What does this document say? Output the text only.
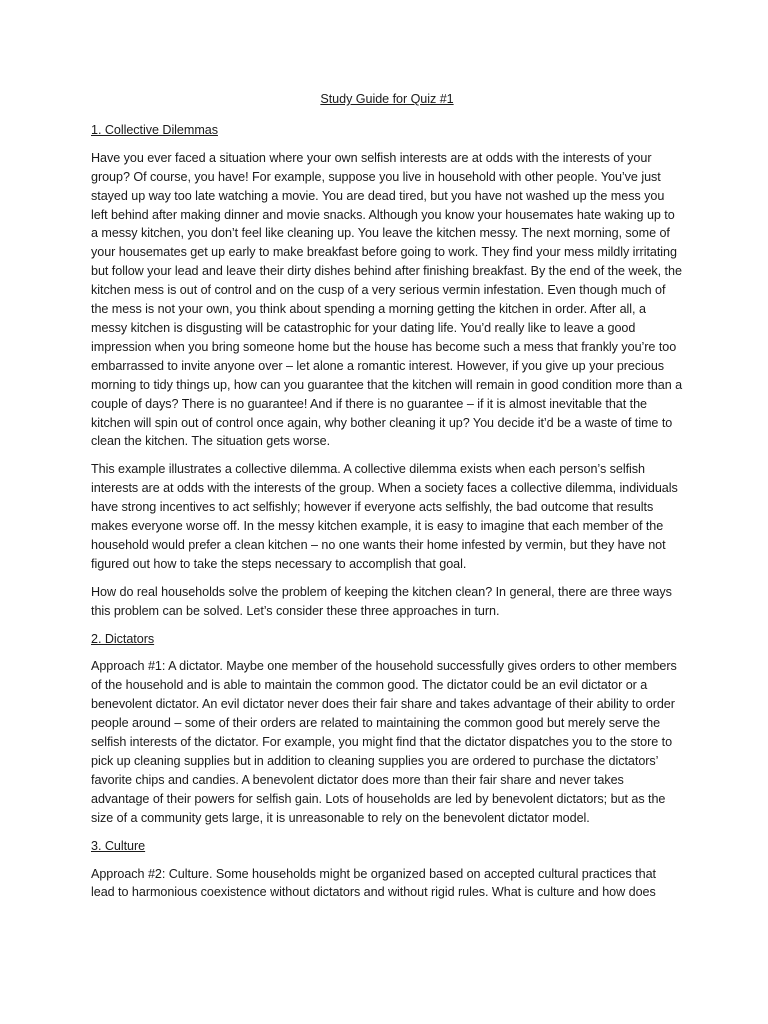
Study Guide for Quiz #1
1. Collective Dilemmas

Have you ever faced a situation where your own selfish interests are at odds with the interests of your group? Of course, you have! For example, suppose you live in household with other people. You’ve just stayed up way too late watching a movie. You are dead tired, but you have not washed up the mess you left behind after making dinner and movie snacks. Although you know your housemates hate waking up to a messy kitchen, you don’t feel like cleaning up. You leave the kitchen messy. The next morning, some of your housemates get up early to make breakfast before going to work. They find your mess mildly irritating but follow your lead and leave their dirty dishes behind after finishing breakfast. By the end of the week, the kitchen mess is out of control and on the cusp of a very serious vermin infestation. Even though much of the mess is not your own, you think about spending a morning getting the kitchen in order. After all, a messy kitchen is disgusting will be catastrophic for your dating life. You’d really like to leave a good impression when you bring someone home but the house has become such a mess that frankly you’re too embarrassed to invite anyone over – let alone a romantic interest. However, if you give up your precious morning to tidy things up, how can you guarantee that the kitchen will remain in good condition more than a couple of days? There is no guarantee! And if there is no guarantee – if it is almost inevitable that the kitchen will spin out of control once again, why bother cleaning it up? You decide it’d be a waste of time to clean the kitchen. The situation gets worse.

This example illustrates a collective dilemma. A collective dilemma exists when each person’s selfish interests are at odds with the interests of the group. When a society faces a collective dilemma, individuals have strong incentives to act selfishly; however if everyone acts selfishly, the bad outcome that results makes everyone worse off. In the messy kitchen example, it is easy to imagine that each member of the household would prefer a clean kitchen – no one wants their home infested by vermin, but they have not figured out how to take the steps necessary to accomplish that goal.

How do real households solve the problem of keeping the kitchen clean? In general, there are three ways this problem can be solved. Let’s consider these three approaches in turn.

2. Dictators

Approach #1: A dictator. Maybe one member of the household successfully gives orders to other members of the household and is able to maintain the common good. The dictator could be an evil dictator or a benevolent dictator. An evil dictator never does their fair share and takes advantage of their ability to order people around – some of their orders are related to maintaining the common good but merely serve the selfish interests of the dictator. For example, you might find that the dictator dispatches you to the store to pick up cleaning supplies but in addition to cleaning supplies you are ordered to purchase the dictators’ favorite chips and candies. A benevolent dictator does more than their fair share and never takes advantage of their powers for selfish gain. Lots of households are led by benevolent dictators; but as the size of a community gets large, it is unreasonable to rely on the benevolent dictator model.

3. Culture

Approach #2: Culture. Some households might be organized based on accepted cultural practices that lead to harmonious coexistence without dictators and without rigid rules. What is culture and how does
